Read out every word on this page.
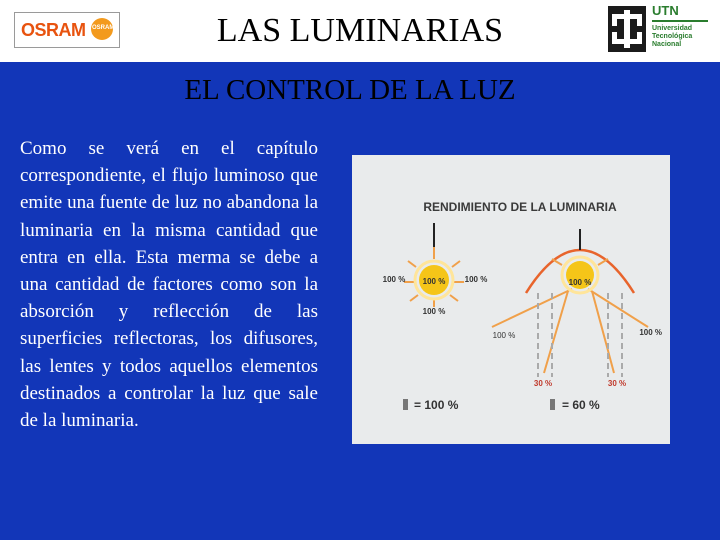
OSRAM OSRAM	LAS LUMINARIAS
UTN
Universidad
Tecnológica
Nacional
EL CONTROL DE LA LUZ
Como se verá en el capítulo correspondiente, el flujo luminoso que emite una fuente de luz no abandona la luminaria en la misma cantidad que entra en ella. Esta merma se debe a una cantidad de factores como son la absorción y reflección de las superficies reflectoras, los difusores, las lentes y todos aquellos elementos destinados a controlar la luz que sale de la luminaria.
RENDIMIENTO DE LA LUMINARIA
100 %
100 %	100 %
100 %
= 100 %
100 %
100 %	100 %
30 %	30 %
= 60 %
